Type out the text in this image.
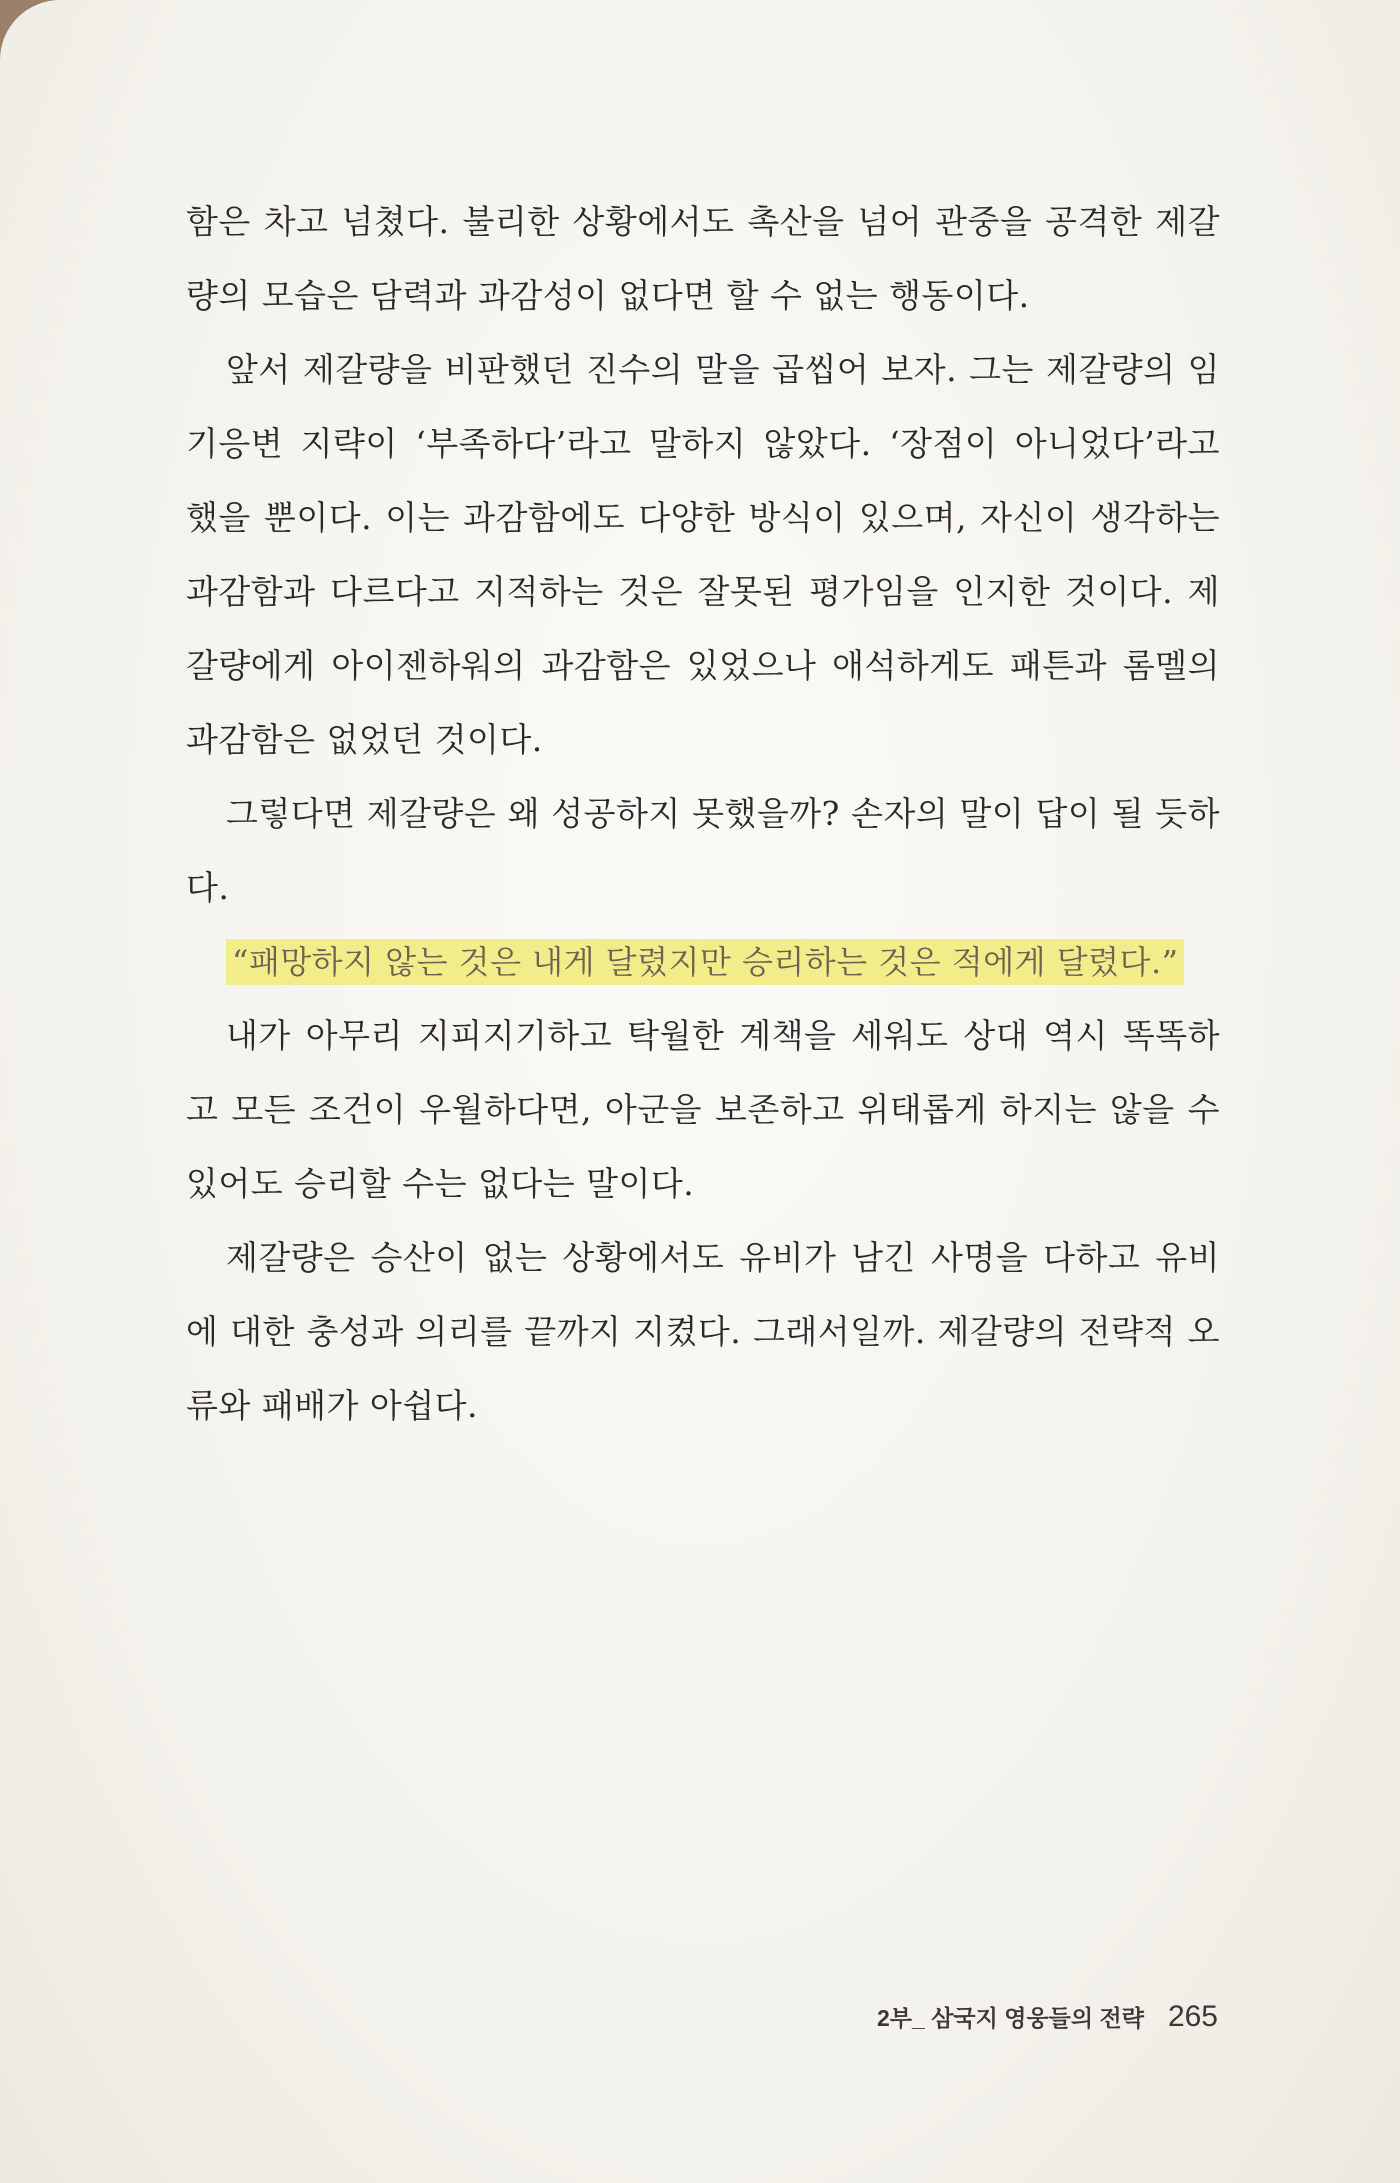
함은 차고 넘쳤다. 불리한 상황에서도 촉산을 넘어 관중을 공격한 제갈량의 모습은 담력과 과감성이 없다면 할 수 없는 행동이다.

앞서 제갈량을 비판했던 진수의 말을 곱씹어 보자. 그는 제갈량의 임기응변 지략이 ‘부족하다’라고 말하지 않았다. ‘장점이 아니었다’라고 했을 뿐이다. 이는 과감함에도 다양한 방식이 있으며, 자신이 생각하는 과감함과 다르다고 지적하는 것은 잘못된 평가임을 인지한 것이다. 제갈량에게 아이젠하워의 과감함은 있었으나 애석하게도 패튼과 롬멜의 과감함은 없었던 것이다.

그렇다면 제갈량은 왜 성공하지 못했을까? 손자의 말이 답이 될 듯하다.

“패망하지 않는 것은 내게 달렸지만 승리하는 것은 적에게 달렸다.”

내가 아무리 지피지기하고 탁월한 계책을 세워도 상대 역시 똑똑하고 모든 조건이 우월하다면, 아군을 보존하고 위태롭게 하지는 않을 수 있어도 승리할 수는 없다는 말이다.

제갈량은 승산이 없는 상황에서도 유비가 남긴 사명을 다하고 유비에 대한 충성과 의리를 끝까지 지켰다. 그래서일까. 제갈량의 전략적 오류와 패배가 아쉽다.

2부_ 삼국지 영웅들의 전략 265
